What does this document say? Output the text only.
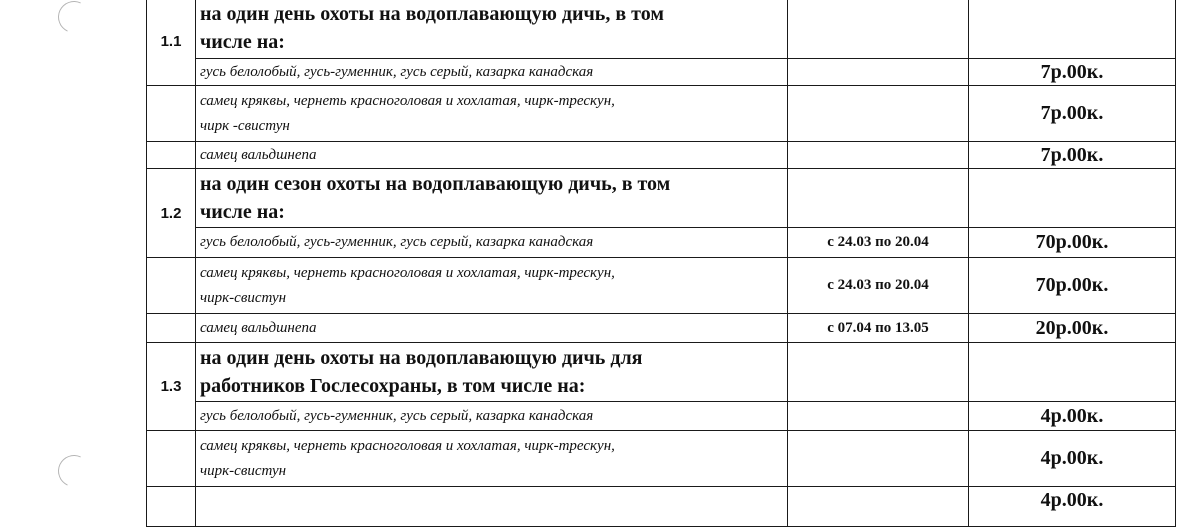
1.1	на один день охоты на водоплавающую дичь, в том
числе на:		
	гусь белолобый, гусь-гуменник, гусь серый, казарка канадская		7р.00к.
	самец кряквы, чернеть красноголовая и хохлатая, чирк-трескун,
чирк -свистун		7р.00к.
	самец вальдшнепа		7р.00к.
1.2	на один сезон охоты на водоплавающую дичь, в том
числе на:		
	гусь белолобый, гусь-гуменник, гусь серый, казарка канадская	с 24.03 по 20.04	70р.00к.
	самец кряквы, чернеть красноголовая и хохлатая, чирк-трескун,
чирк-свистун	с 24.03 по 20.04	70р.00к.
	самец вальдшнепа	с 07.04 по 13.05	20р.00к.
1.3	на один день охоты на водоплавающую дичь для
работников Гослесохраны, в том числе на:		
	гусь белолобый, гусь-гуменник, гусь серый, казарка канадская		4р.00к.
	самец кряквы, чернеть красноголовая и хохлатая, чирк-трескун,
чирк-свистун		4р.00к.
			4р.00к.
